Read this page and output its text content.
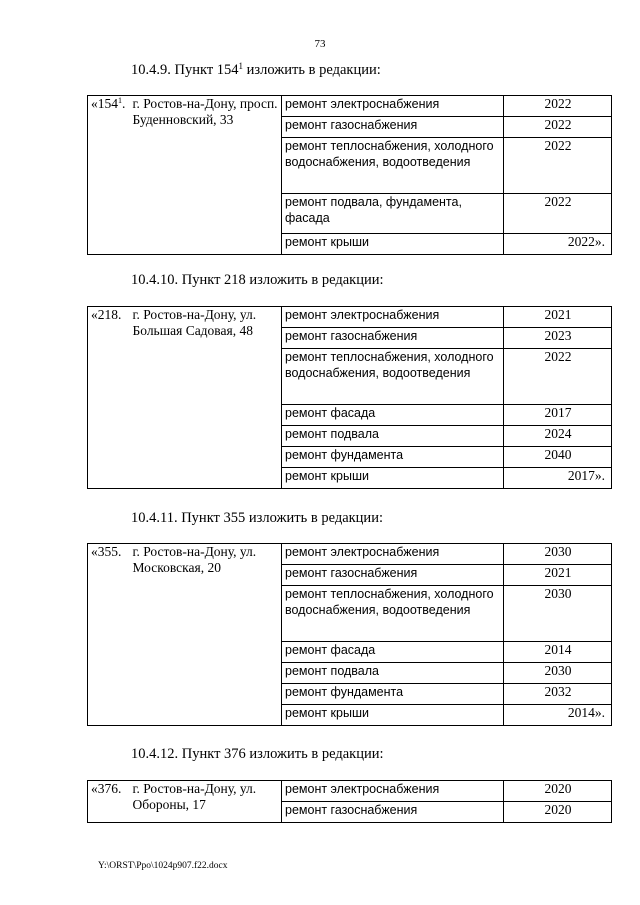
73
10.4.9. Пункт $154^1$ изложить в редакции:
«$154^1$.	г. Ростов-на-Дону, просп. Буденновский, 33	ремонт электроснабжения	2022
		ремонт газоснабжения	2022
		ремонт теплоснабжения, холодного водоснабжения, водоотведения	2022
		ремонт подвала, фундамента, фасада	2022
		ремонт крыши	2022».
10.4.10. Пункт 218 изложить в редакции:
«218.	г. Ростов-на-Дону, ул. Большая Садовая, 48	ремонт электроснабжения	2021
		ремонт газоснабжения	2023
		ремонт теплоснабжения, холодного водоснабжения, водоотведения	2022
		ремонт фасада	2017
		ремонт подвала	2024
		ремонт фундамента	2040
		ремонт крыши	2017».
10.4.11. Пункт 355 изложить в редакции:
«355.	г. Ростов-на-Дону, ул. Московская, 20	ремонт электроснабжения	2030
		ремонт газоснабжения	2021
		ремонт теплоснабжения, холодного водоснабжения, водоотведения	2030
		ремонт фасада	2014
		ремонт подвала	2030
		ремонт фундамента	2032
		ремонт крыши	2014».
10.4.12. Пункт 376 изложить в редакции:
«376.	г. Ростов-на-Дону, ул. Обороны, 17	ремонт электроснабжения	2020
		ремонт газоснабжения	2020
Y:\ORST\Ppo\1024p907.f22.docx
